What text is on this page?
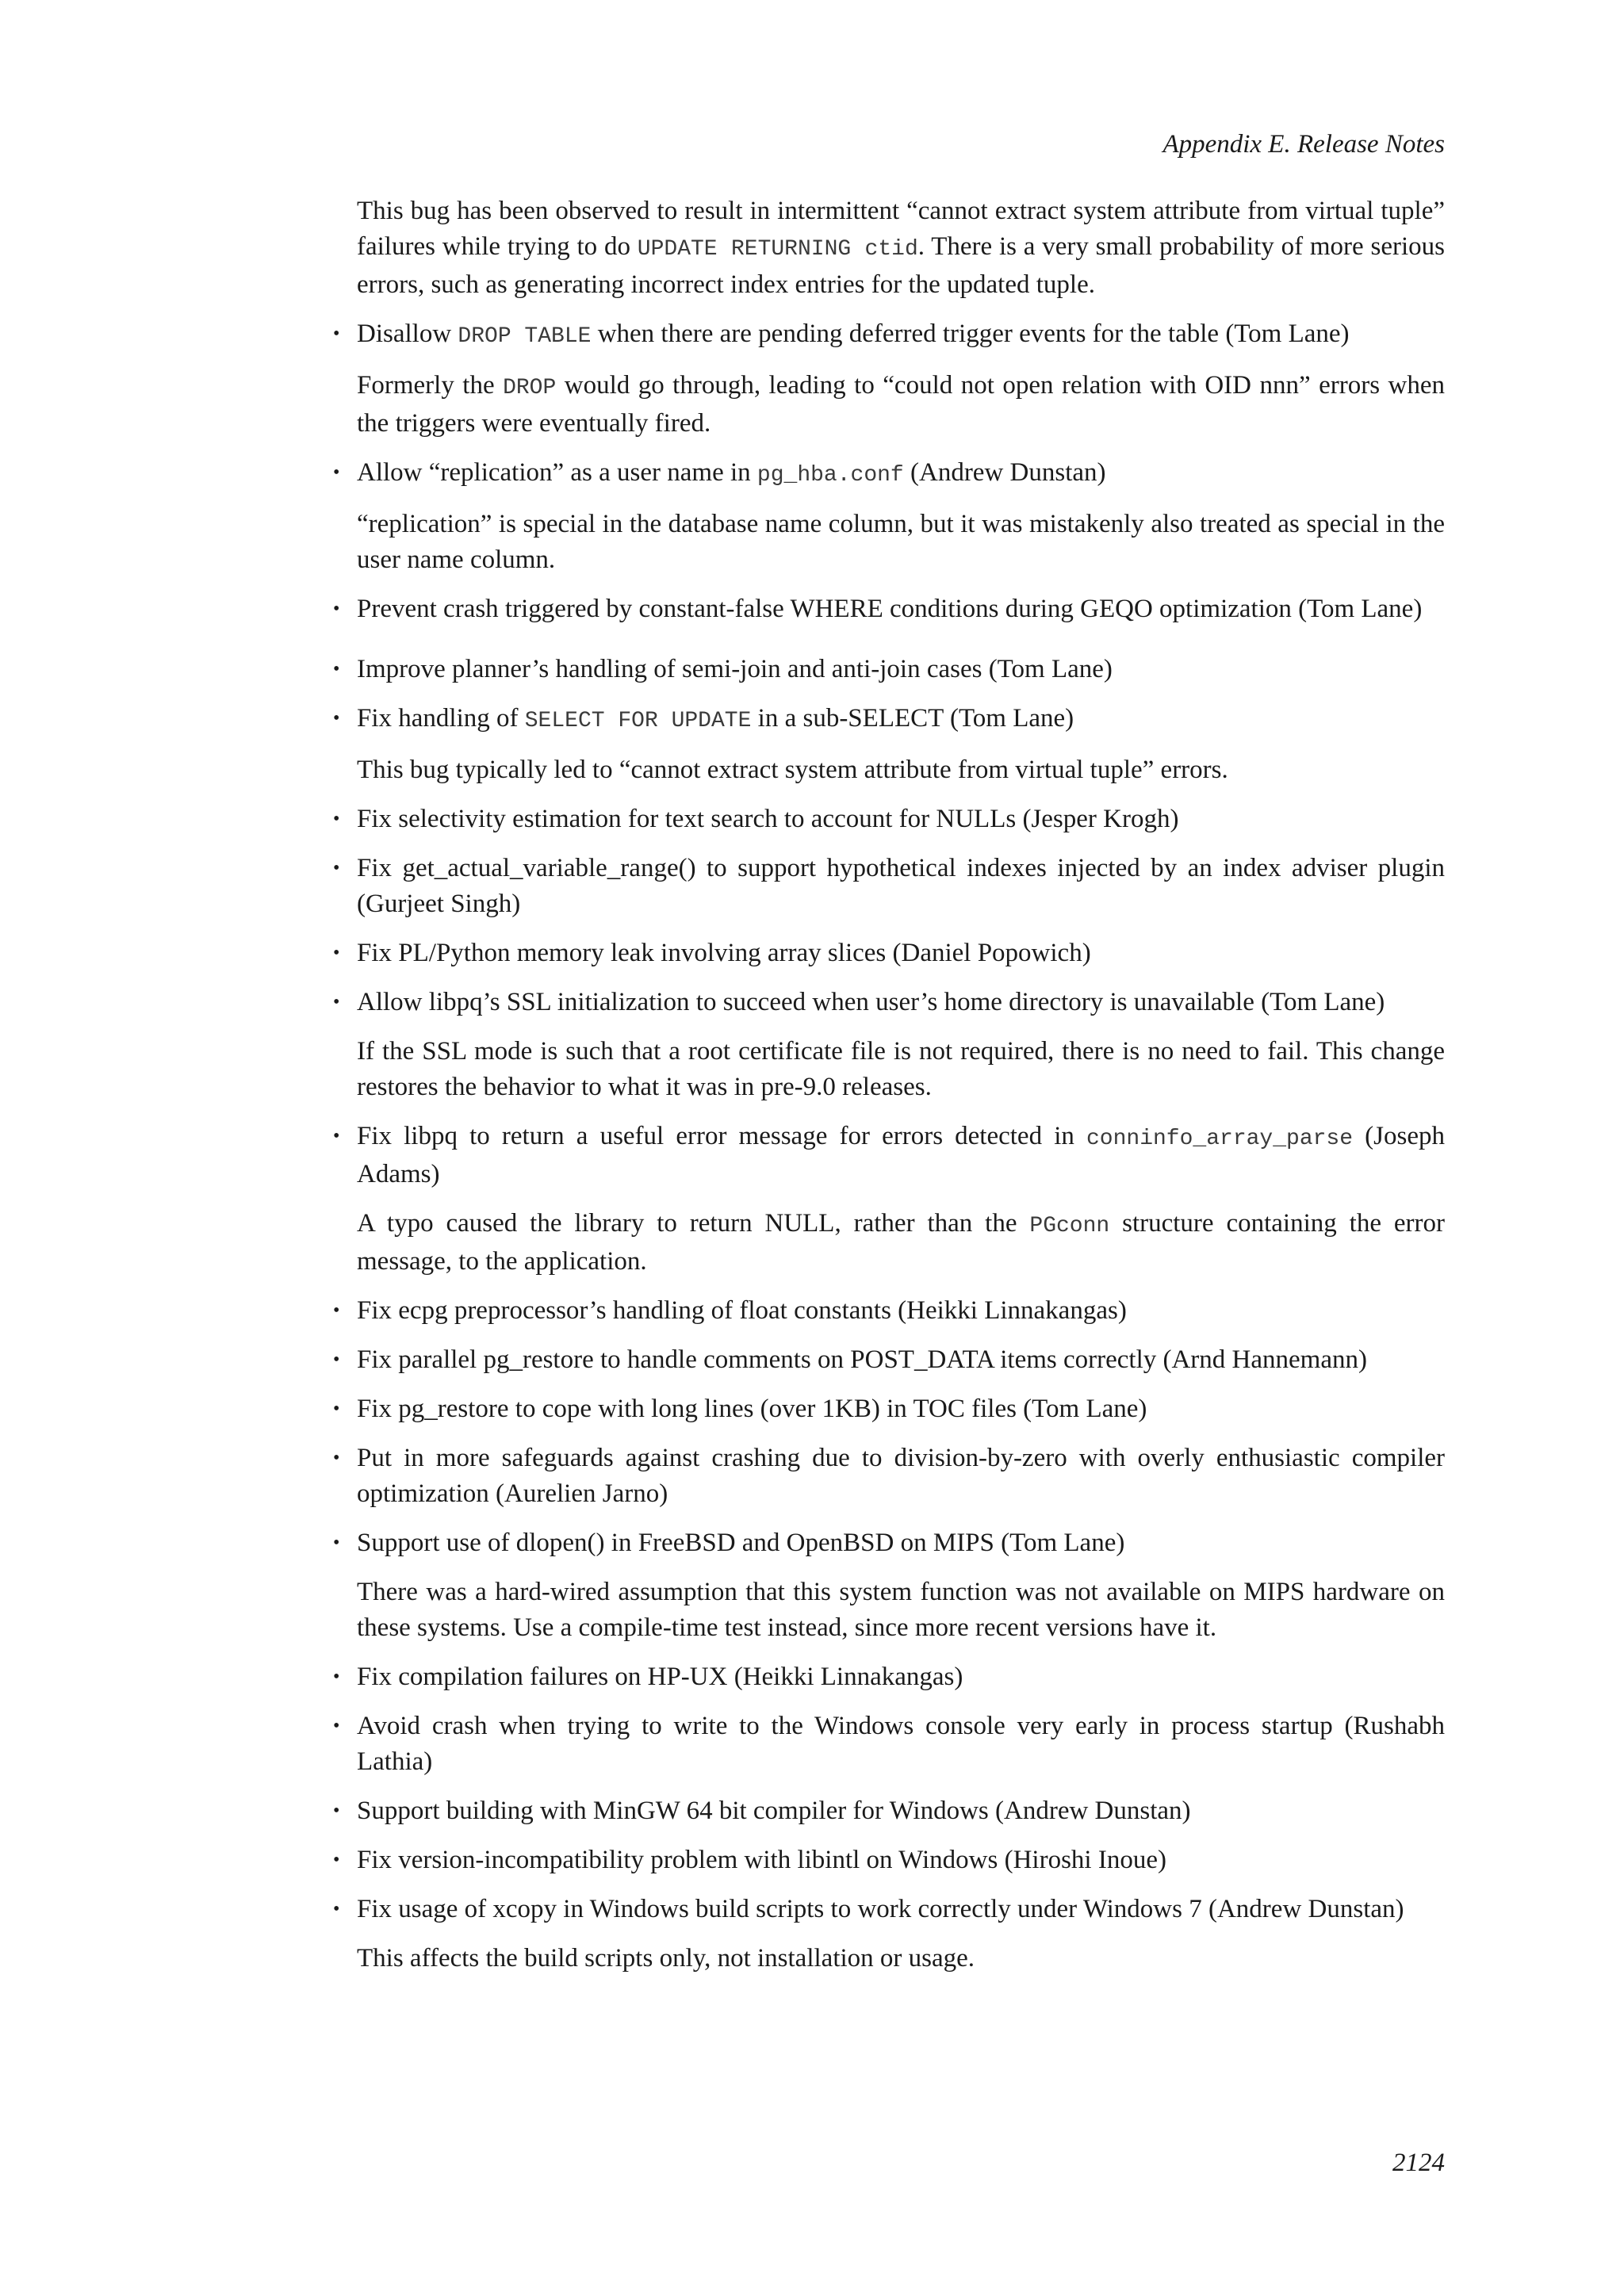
Appendix E. Release Notes

This bug has been observed to result in intermittent “cannot extract system attribute from virtual tuple” failures while trying to do UPDATE RETURNING ctid. There is a very small probability of more serious errors, such as generating incorrect index entries for the updated tuple.

• Disallow DROP TABLE when there are pending deferred trigger events for the table (Tom Lane)

Formerly the DROP would go through, leading to “could not open relation with OID nnn” errors when the triggers were eventually fired.

• Allow “replication” as a user name in pg_hba.conf (Andrew Dunstan)

“replication” is special in the database name column, but it was mistakenly also treated as special in the user name column.

• Prevent crash triggered by constant-false WHERE conditions during GEQO optimization (Tom Lane)

• Improve planner’s handling of semi-join and anti-join cases (Tom Lane)

• Fix handling of SELECT FOR UPDATE in a sub-SELECT (Tom Lane)

This bug typically led to “cannot extract system attribute from virtual tuple” errors.

• Fix selectivity estimation for text search to account for NULLs (Jesper Krogh)

• Fix get_actual_variable_range() to support hypothetical indexes injected by an index adviser plugin (Gurjeet Singh)

• Fix PL/Python memory leak involving array slices (Daniel Popowich)

• Allow libpq’s SSL initialization to succeed when user’s home directory is unavailable (Tom Lane)

If the SSL mode is such that a root certificate file is not required, there is no need to fail. This change restores the behavior to what it was in pre-9.0 releases.

• Fix libpq to return a useful error message for errors detected in conninfo_array_parse (Joseph Adams)

A typo caused the library to return NULL, rather than the PGconn structure containing the error message, to the application.

• Fix ecpg preprocessor’s handling of float constants (Heikki Linnakangas)

• Fix parallel pg_restore to handle comments on POST_DATA items correctly (Arnd Hannemann)

• Fix pg_restore to cope with long lines (over 1KB) in TOC files (Tom Lane)

• Put in more safeguards against crashing due to division-by-zero with overly enthusiastic compiler optimization (Aurelien Jarno)

• Support use of dlopen() in FreeBSD and OpenBSD on MIPS (Tom Lane)

There was a hard-wired assumption that this system function was not available on MIPS hardware on these systems. Use a compile-time test instead, since more recent versions have it.

• Fix compilation failures on HP-UX (Heikki Linnakangas)

• Avoid crash when trying to write to the Windows console very early in process startup (Rushabh Lathia)

• Support building with MinGW 64 bit compiler for Windows (Andrew Dunstan)

• Fix version-incompatibility problem with libintl on Windows (Hiroshi Inoue)

• Fix usage of xcopy in Windows build scripts to work correctly under Windows 7 (Andrew Dunstan)

This affects the build scripts only, not installation or usage.

2124
